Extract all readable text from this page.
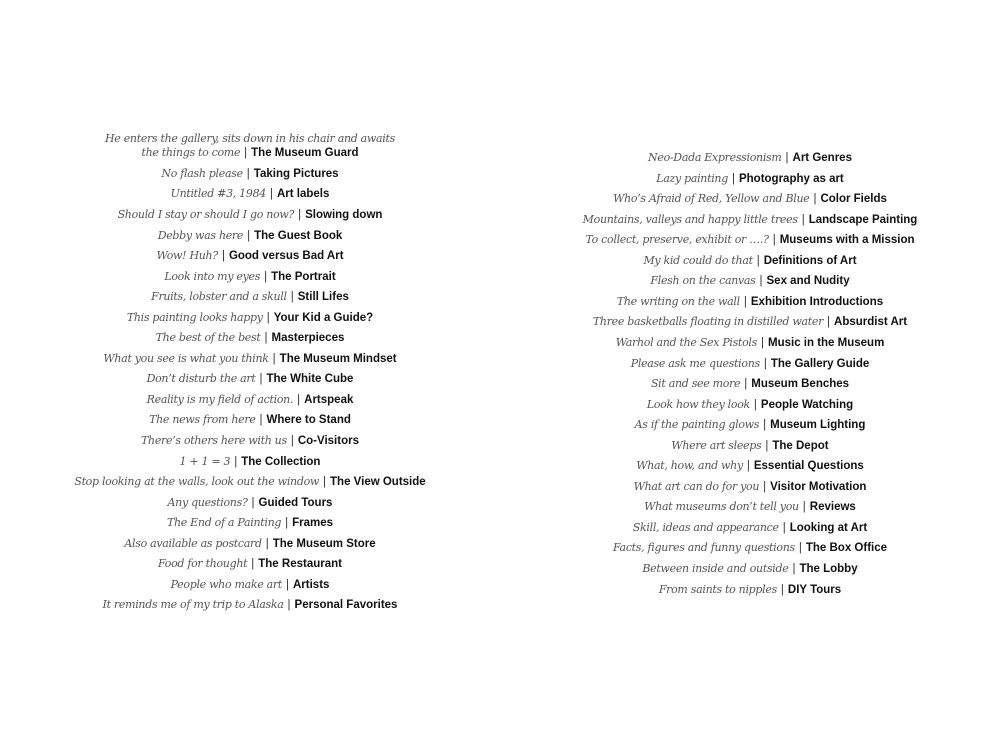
He enters the gallery, sits down in his chair and awaits
the things to come | The Museum Guard
No flash please | Taking Pictures
Untitled #3, 1984 | Art labels
Should I stay or should I go now? | Slowing down
Debby was here | The Guest Book
Wow! Huh? | Good versus Bad Art
Look into my eyes | The Portrait
Fruits, lobster and a skull | Still Lifes
This painting looks happy | Your Kid a Guide?
The best of the best | Masterpieces
What you see is what you think | The Museum Mindset
Don’t disturb the art | The White Cube
Reality is my field of action. | Artspeak
The news from here | Where to Stand
There’s others here with us | Co-Visitors
1 + 1 = 3 | The Collection
Stop looking at the walls, look out the window | The View Outside
Any questions? | Guided Tours
The End of a Painting | Frames
Also available as postcard | The Museum Store
Food for thought | The Restaurant
People who make art | Artists
It reminds me of my trip to Alaska | Personal Favorites
Neo-Dada Expressionism | Art Genres
Lazy painting | Photography as art
Who’s Afraid of Red, Yellow and Blue | Color Fields
Mountains, valleys and happy little trees | Landscape Painting
To collect, preserve, exhibit or ….? | Museums with a Mission
My kid could do that | Definitions of Art
Flesh on the canvas | Sex and Nudity
The writing on the wall | Exhibition Introductions
Three basketballs floating in distilled water | Absurdist Art
Warhol and the Sex Pistols | Music in the Museum
Please ask me questions | The Gallery Guide
Sit and see more | Museum Benches
Look how they look | People Watching
As if the painting glows | Museum Lighting
Where art sleeps | The Depot
What, how, and why | Essential Questions
What art can do for you | Visitor Motivation
What museums don’t tell you | Reviews
Skill, ideas and appearance | Looking at Art
Facts, figures and funny questions | The Box Office
Between inside and outside | The Lobby
From saints to nipples | DIY Tours
